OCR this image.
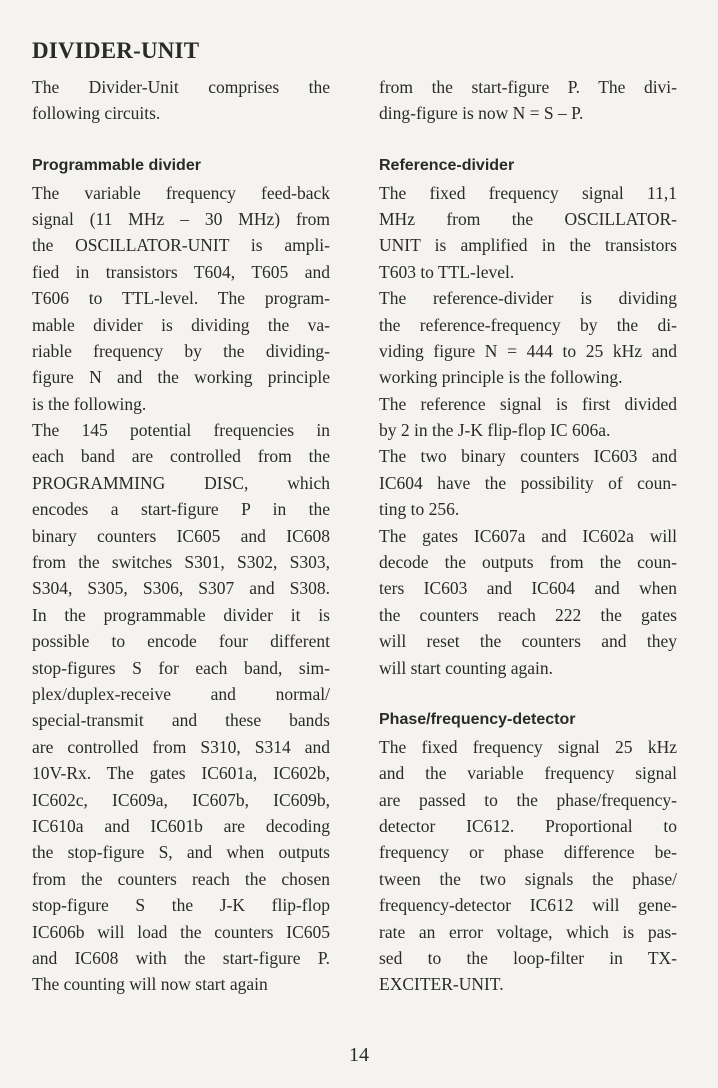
DIVIDER-UNIT
The Divider-Unit comprises the
following circuits.
Programmable divider
The variable frequency feed-back
signal (11 MHz – 30 MHz) from
the OSCILLATOR-UNIT is ampli-
fied in transistors T604, T605 and
T606 to TTL-level. The program-
mable divider is dividing the va-
riable frequency by the dividing-
figure N and the working principle
is the following.
The 145 potential frequencies in
each band are controlled from the
PROGRAMMING DISC, which
encodes a start-figure P in the
binary counters IC605 and IC608
from the switches S301, S302, S303,
S304, S305, S306, S307 and S308.
In the programmable divider it is
possible to encode four different
stop-figures S for each band, sim-
plex/duplex-receive and normal/
special-transmit and these bands
are controlled from S310, S314 and
10V-Rx. The gates IC601a, IC602b,
IC602c, IC609a, IC607b, IC609b,
IC610a and IC601b are decoding
the stop-figure S, and when outputs
from the counters reach the chosen
stop-figure S the J-K flip-flop
IC606b will load the counters IC605
and IC608 with the start-figure P.
The counting will now start again
from the start-figure P. The divi-
ding-figure is now N = S – P.
Reference-divider
The fixed frequency signal 11,1
MHz from the OSCILLATOR-
UNIT is amplified in the transistors
T603 to TTL-level.
The reference-divider is dividing
the reference-frequency by the di-
viding figure N = 444 to 25 kHz and
working principle is the following.
The reference signal is first divided
by 2 in the J-K flip-flop IC 606a.
The two binary counters IC603 and
IC604 have the possibility of coun-
ting to 256.
The gates IC607a and IC602a will
decode the outputs from the coun-
ters IC603 and IC604 and when
the counters reach 222 the gates
will reset the counters and they
will start counting again.
Phase/frequency-detector
The fixed frequency signal 25 kHz
and the variable frequency signal
are passed to the phase/frequency-
detector IC612. Proportional to
frequency or phase difference be-
tween the two signals the phase/
frequency-detector IC612 will gene-
rate an error voltage, which is pas-
sed to the loop-filter in TX-
EXCITER-UNIT.
14
